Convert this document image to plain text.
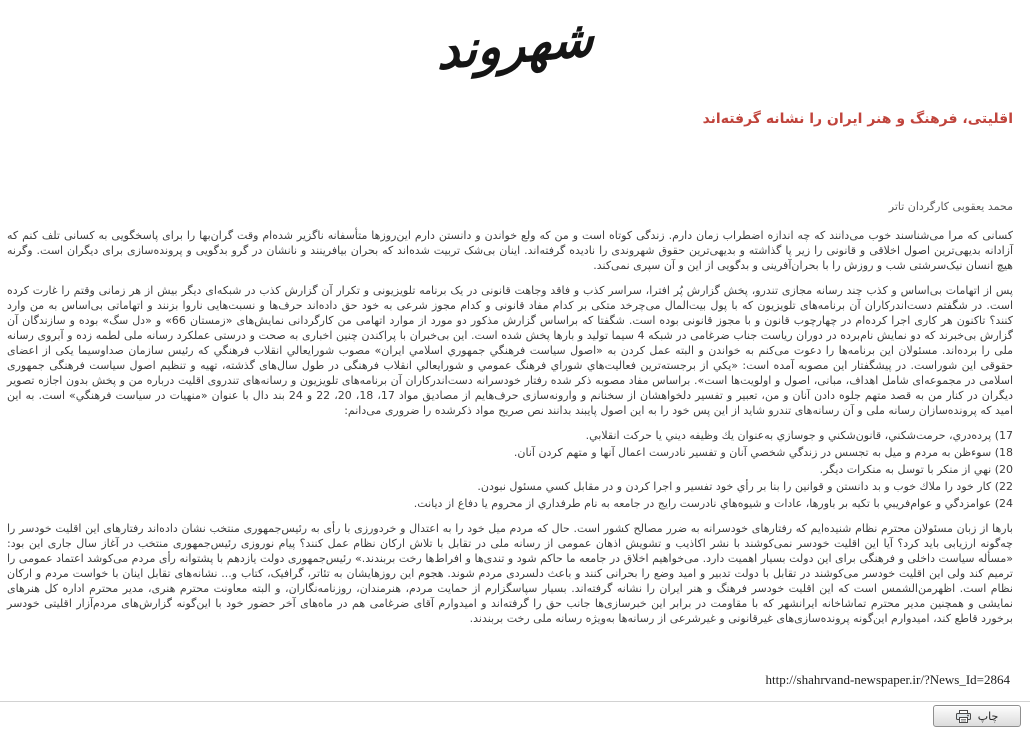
شهروند
اقلیتی، فرهنگ و هنر ایران را نشانه گرفته‌اند
محمد یعقوبی کارگردان تاتر

کسانی که مرا می‌شناسند خوب می‌دانند که چه اندازه اضطراب زمان دارم. زندگی کوتاه است و من که ولع خواندن و دانستن دارم این‌روزها متأسفانه ناگزیر شده‌ام وقت گران‌بها را برای پاسخگویی به کسانی تلف کنم که آزادانه بدیهی‌ترین اصول اخلاقی و قانونی را زیر پا گذاشته و بدیهی‌ترین حقوق شهروندی را نادیده گرفته‌اند. اینان بی‌شک تربیت شده‌اند که بحران بیافرینند و نانشان در گرو بدگویی و پرونده‌سازی برای دیگران است. وگرنه هیچ انسان نیک‌سرشتی شب و روزش را با بحران‌آفرینی و بدگویی از این و آن سپری نمی‌کند.

پس از اتهامات بی‌اساس و کذب چند رسانه مجازی تندرو، پخش گزارش پُر افترا، سراسر کذب و فاقد وجاهت قانونی در یک برنامه تلویزیونی و تکرار آن گزارش کذب در شبکه‌ای دیگر بیش از هر زمانی وقتم را غارت کرده است. در شگفتم دست‌اندرکاران آن برنامه‌های تلویزیون که با پول بیت‌المال می‌چرخد متکی بر کدام مفاد قانونی و کدام مجوز شرعی به خود حق داده‌اند حرف‌ها و نسبت‌هایی ناروا بزنند و اتهاماتی بی‌اساس به من وارد کنند؟ تاکنون هر کاری اجرا کرده‌ام در چهارچوب قانون و با مجوز قانونی بوده است. شگفتا که براساس گزارش مذکور دو مورد از موارد اتهامی من کارگردانی نمایش‌های «زمستان 66» و «دل سگ» بوده و سازندگان آن گزارش بی‌خبرند که دو نمایش نام‌برده در دوران ریاست جناب ضرغامی در شبکه 4 سیما تولید و بارها پخش شده است. این بی‌خبران با پراکندن چنین اخباری به صحت و درستی عملکرد رسانه ملی لطمه زده و آبروی رسانه ملی را برده‌اند. مسئولان این برنامه‌ها را دعوت می‌کنم به خواندن و البته عمل کردن به «اصول سیاست فرهنگي جمهوري اسلامي ایران» مصوب شورایعالي انقلاب فرهنگي که رئیس سازمان صداوسیما یکی از اعضای حقوقی این شوراست. در پیشگفتار این مصوبه آمده است: «یکي از برجسته‌ترین فعالیت‌هاي شوراي فرهنگ عمومي و شورایعالي انقلاب فرهنگی در طول سال‌های گذشته، تهیه و تنظیم اصول سیاست فرهنگی جمهوری اسلامی در مجموعه‌ای شامل اهداف، مبانی، اصول و اولویت‌ها است». براساس مفاد مصوبه ذکر شده رفتار خودسرانه دست‌اندرکاران آن برنامه‌های تلویزیون و رسانه‌های تندروی اقلیت درباره من و پخش بدون اجازه تصویر دیگران در کنار من به قصد متهم جلوه دادن آنان و من، تعبیر و تفسیر دلخواهشان از سخنانم و وارونه‌سازی حرف‌هایم از مصادیق مواد 17، 18، 20، 22 و 24 بند دال با عنوان «منهیات در سیاست فرهنگي» است. به این امید که پرونده‌سازان رسانه ملی و آن رسانه‌های تندرو شاید از این پس خود را به این اصول پایبند بدانند نص صریح مواد ذکرشده را ضروری می‌دانم:

17) پرده‌دري، حرمت‌شکني، قانون‌شکني و جوسازي به‌عنوان یك وظیفه دیني یا حرکت انقلابي.

18) سوءظن به مردم و میل به تجسس در زندگي شخصي آنان و تفسیر نادرست اعمال آنها و متهم کردن آنان.

20) نهي از منکر با توسل به منکرات دیگر.

22) کار خود را ملاك خوب و بد دانستن و قوانین را بنا بر رأي خود تفسیر و اجرا کردن و در مقابل کسي مسئول نبودن.

24) عوامزدگي و عوام‌فریبي با تکیه بر باورها، عادات و شیوه‌هاي نادرست رایج در جامعه به نام طرفداري از محروم یا دفاع از دیانت.

بارها از زبان مسئولان محترم نظام شنیده‌ایم که رفتارهای خودسرانه به ضرر مصالح کشور است. حال که مردم میل خود را به اعتدال و خردورزی با رأی به رئیس‌جمهوری منتخب نشان داده‌اند رفتارهای این اقلیت خودسر را چه‌گونه ارزیابی باید کرد؟ آیا این اقلیت خودسر نمی‌کوشند با نشر اکاذیب و تشویش اذهان عمومی از رسانه ملی در تقابل با تلاش ارکان نظام عمل کنند؟ پیام نوروزی رئیس‌جمهوری منتخب در آغاز سال جاری این بود: «مسأله سیاست داخلی و فرهنگی برای این دولت بسیار اهمیت دارد. می‌خواهیم اخلاق در جامعه ما حاکم شود و تندی‌ها و افراط‌ها رخت بربندند.» رئیس‌جمهوری دولت یازدهم با پشتوانه رأی مردم می‌کوشد اعتماد عمومی را ترمیم کند ولی این اقلیت خودسر می‌کوشند در تقابل با دولت تدبیر و امید وضع را بحرانی کنند و باعث دلسردی مردم شوند. هجوم این روزهایشان به تئاتر، گرافیک، کتاب و... نشانه‌های تقابل اینان با خواست مردم و ارکان نظام است. اظهرمن‌الشمس است که این اقلیت خودسر فرهنگ و هنر ایران را نشانه گرفته‌اند. بسیار سپاسگزارم از حمایت مردم، هنرمندان، روزنامه‌نگاران، و البته معاونت محترم هنری، مدیر محترم اداره کل هنرهای نمایشی و همچنین مدیر محترم تماشاخانه ایرانشهر که با مقاومت در برابر این خبرسازی‌ها جانب حق را گرفته‌اند و امیدوارم آقای ضرغامی هم در ماه‌های آخر حضور خود با این‌گونه گزارش‌های مردم‌آزار اقلیتی خودسر برخورد قاطع کند، امیدوارم این‌گونه پرونده‌سازی‌های غیرقانونی و غیرشرعی از رسانه‌ها به‌ویژه رسانه ملی رخت بربندند.

http://shahrvand-newspaper.ir/?News_Id=2864
چاپ
